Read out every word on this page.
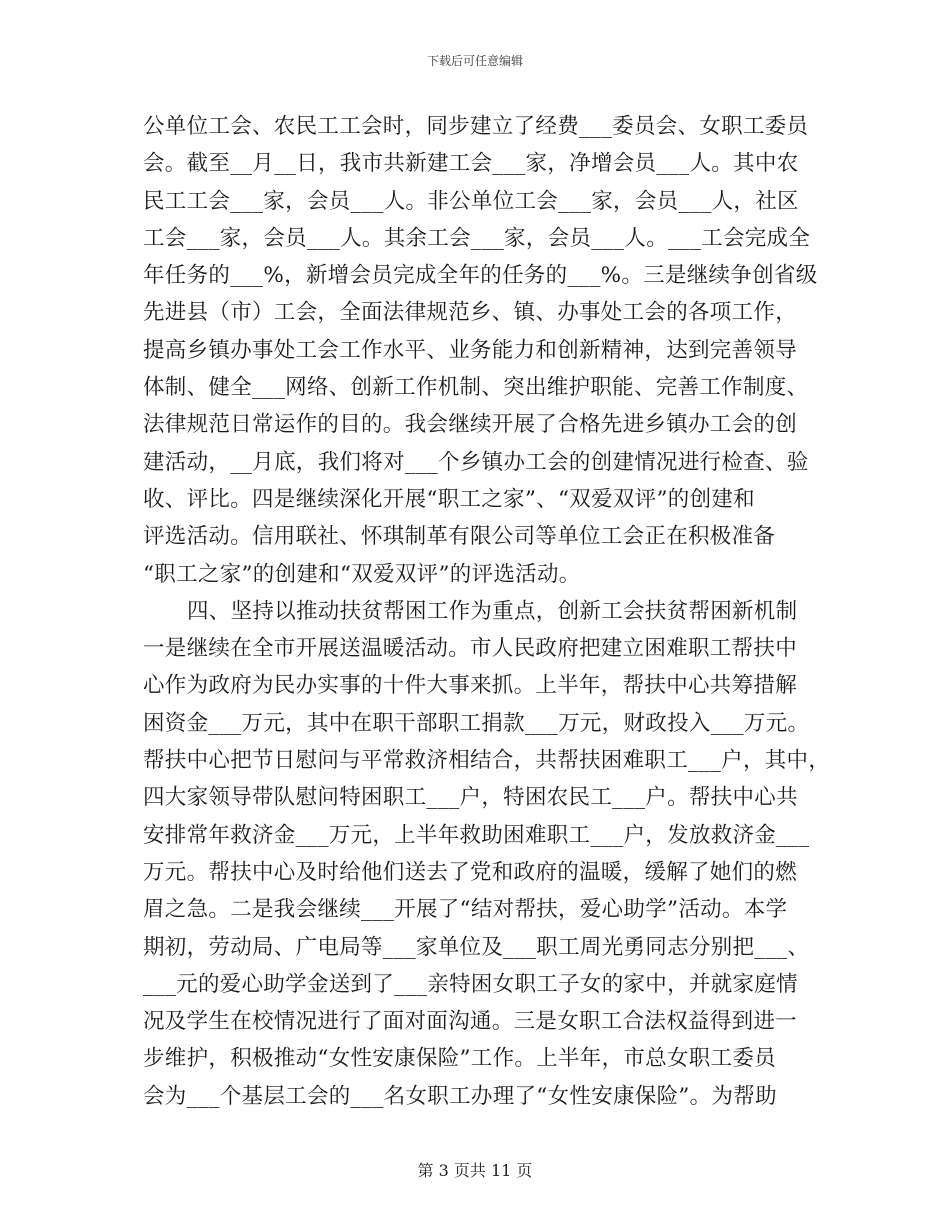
下载后可任意编辑
公单位工会、农民工工会时，同步建立了经费___委员会、女职工委员
会。截至__月__日，我市共新建工会___家，净增会员___人。其中农
民工工会___家，会员___人。非公单位工会___家，会员___人，社区
工会___家，会员___人。其余工会___家，会员___人。___工会完成全
年任务的___%，新增会员完成全年的任务的___%。三是继续争创省级
先进县（市）工会，全面法律规范乡、镇、办事处工会的各项工作，
提高乡镇办事处工会工作水平、业务能力和创新精神，达到完善领导
体制、健全___网络、创新工作机制、突出维护职能、完善工作制度、
法律规范日常运作的目的。我会继续开展了合格先进乡镇办工会的创
建活动，__月底，我们将对___个乡镇办工会的创建情况进行检查、验
收、评比。四是继续深化开展“职工之家”、“双爱双评”的创建和
评选活动。信用联社、怀琪制革有限公司等单位工会正在积极准备
“职工之家”的创建和“双爱双评”的评选活动。
四、坚持以推动扶贫帮困工作为重点，创新工会扶贫帮困新机制
一是继续在全市开展送温暖活动。市人民政府把建立困难职工帮扶中
心作为政府为民办实事的十件大事来抓。上半年，帮扶中心共筹措解
困资金___万元，其中在职干部职工捐款___万元，财政投入___万元。
帮扶中心把节日慰问与平常救济相结合，共帮扶困难职工___户，其中，
四大家领导带队慰问特困职工___户，特困农民工___户。帮扶中心共
安排常年救济金___万元，上半年救助困难职工___户，发放救济金___
万元。帮扶中心及时给他们送去了党和政府的温暖，缓解了她们的燃
眉之急。二是我会继续___开展了“结对帮扶，爱心助学”活动。本学
期初，劳动局、广电局等___家单位及___职工周光勇同志分别把___、
___元的爱心助学金送到了___亲特困女职工子女的家中，并就家庭情
况及学生在校情况进行了面对面沟通。三是女职工合法权益得到进一
步维护，积极推动“女性安康保险”工作。上半年，市总女职工委员
会为___个基层工会的___名女职工办理了“女性安康保险”。为帮助
第 3 页共 11 页
